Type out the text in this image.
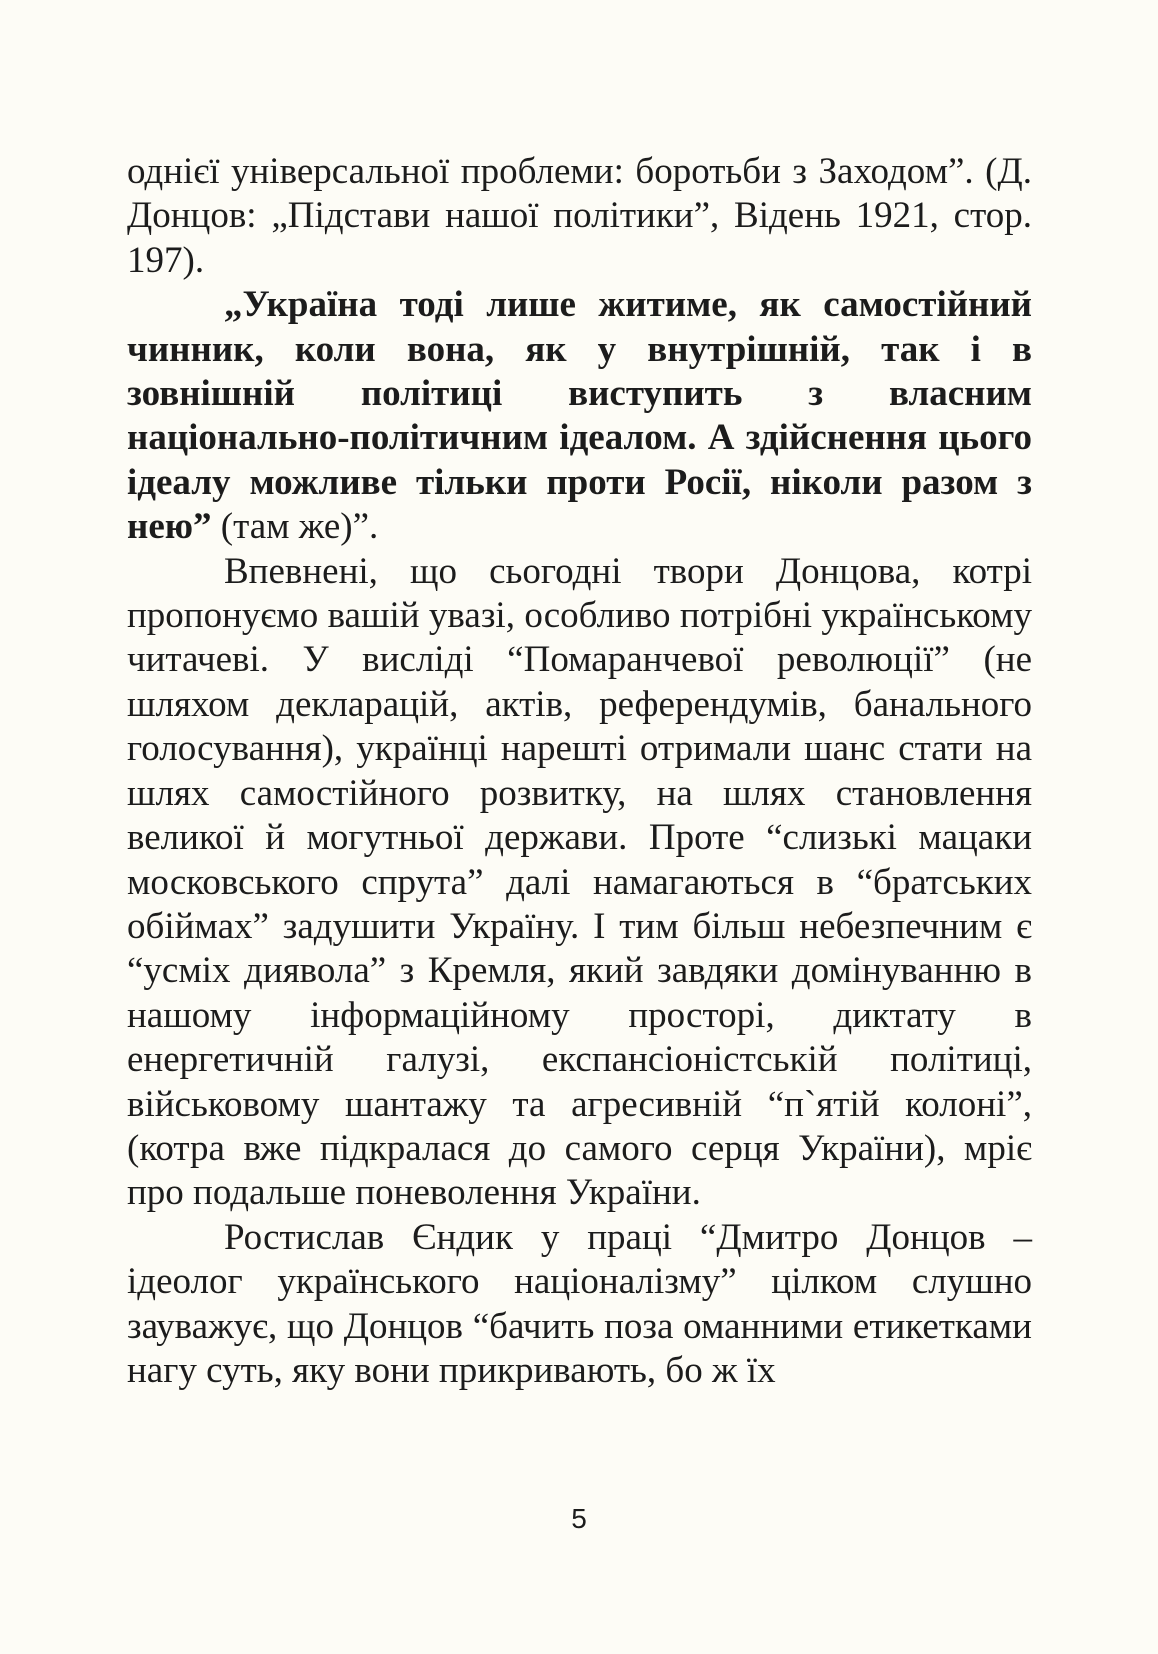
однієї універсальної проблеми: боротьби з Заходом”. (Д. Донцов: „Підстави нашої політики”, Відень 1921, стор. 197).

„Україна тоді лише житиме, як самостійний чинник, коли вона, як у внутрішній, так і в зовнішній політиці виступить з власним національно-політичним ідеалом. А здійснення цього ідеалу можливе тільки проти Росії, ніколи разом з нею” (там же)”.

Впевнені, що сьогодні твори Донцова, котрі пропонуємо вашій увазі, особливо потрібні українському читачеві. У висліді “Помаранчевої революції” (не шляхом декларацій, актів, референдумів, банального голосування), українці нарешті отримали шанс стати на шлях самостійного розвитку, на шлях становлення великої й могутньої держави. Проте “слизькі мацаки московського спрута” далі намагаються в “братських обіймах” задушити Україну. І тим більш небезпечним є “усміх диявола” з Кремля, який завдяки домінуванню в нашому інформаційному просторі, диктату в енергетичній галузі, експансіоністській політиці, військовому шантажу та агресивній “п`ятій колоні”, (котра вже підкралася до самого серця України), мріє про подальше поневолення України.

Ростислав Єндик у праці “Дмитро Донцов – ідеолог українського націоналізму” цілком слушно зауважує, що Донцов “бачить поза оманними етикетками нагу суть, яку вони прикривають, бо ж їх

5
